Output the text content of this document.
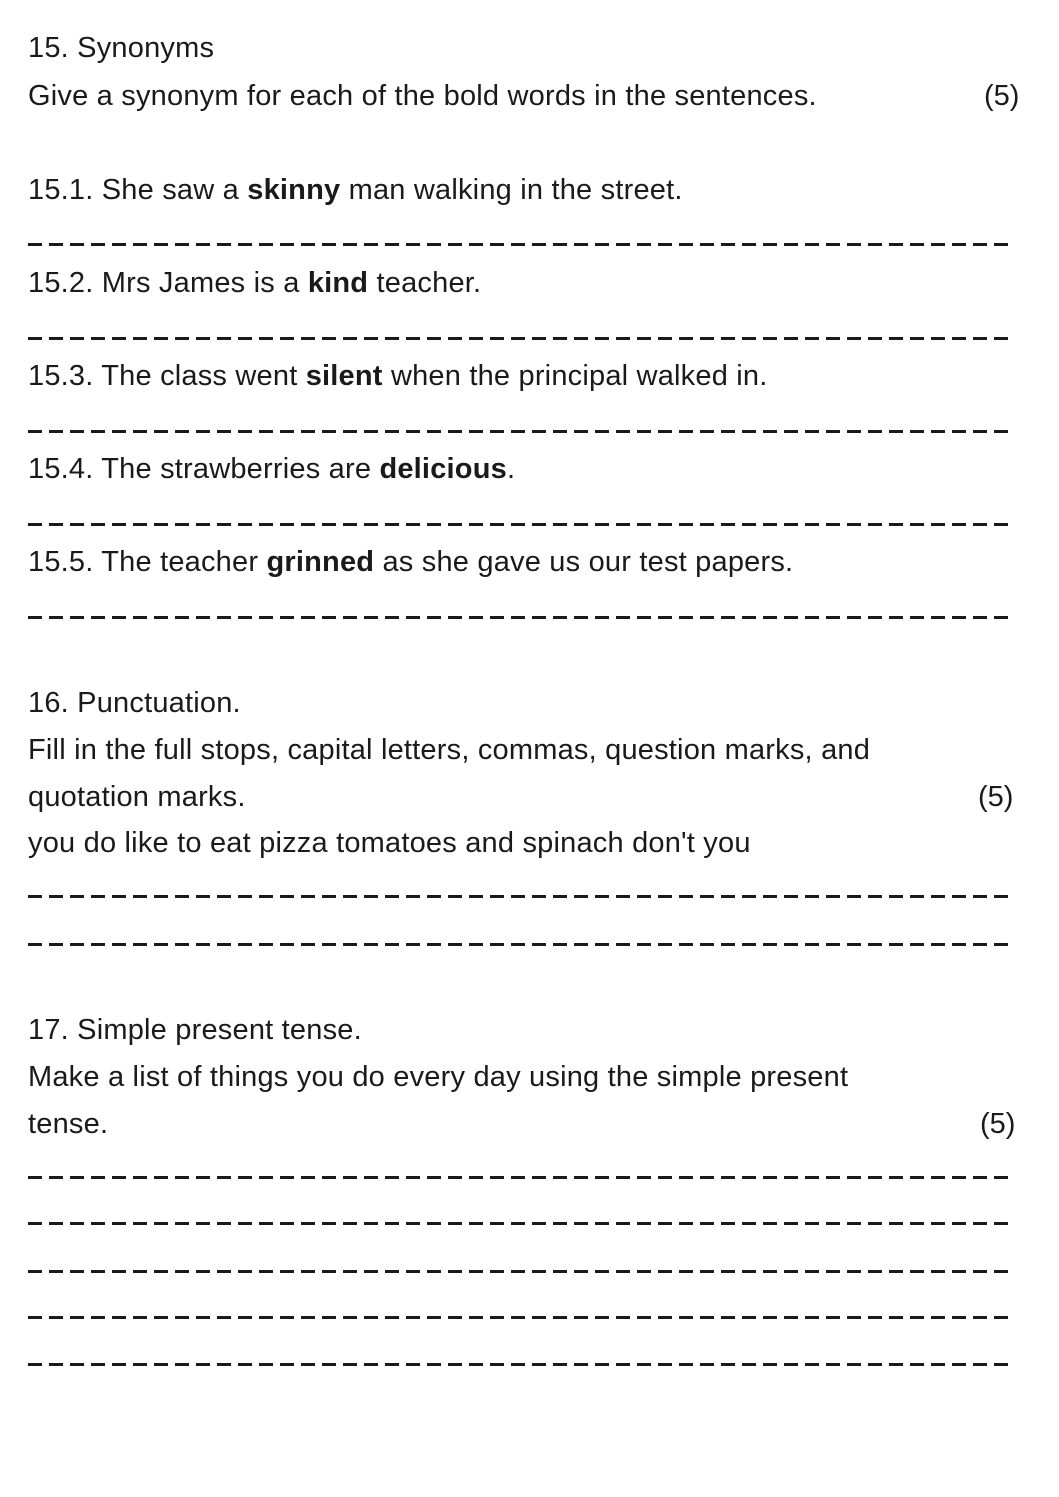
15. Synonyms
Give a synonym for each of the bold words in the sentences.	(5)
15.1. She saw a skinny man walking in the street.
15.2. Mrs James is a kind teacher.
15.3. The class went silent when the principal walked in.
15.4. The strawberries are delicious.
15.5. The teacher grinned as she gave us our test papers.
16. Punctuation.
Fill in the full stops, capital letters, commas, question marks, and
quotation marks.	(5)
you do like to eat pizza tomatoes and spinach don't you
17. Simple present tense.
Make a list of things you do every day using the simple present
tense.	(5)
